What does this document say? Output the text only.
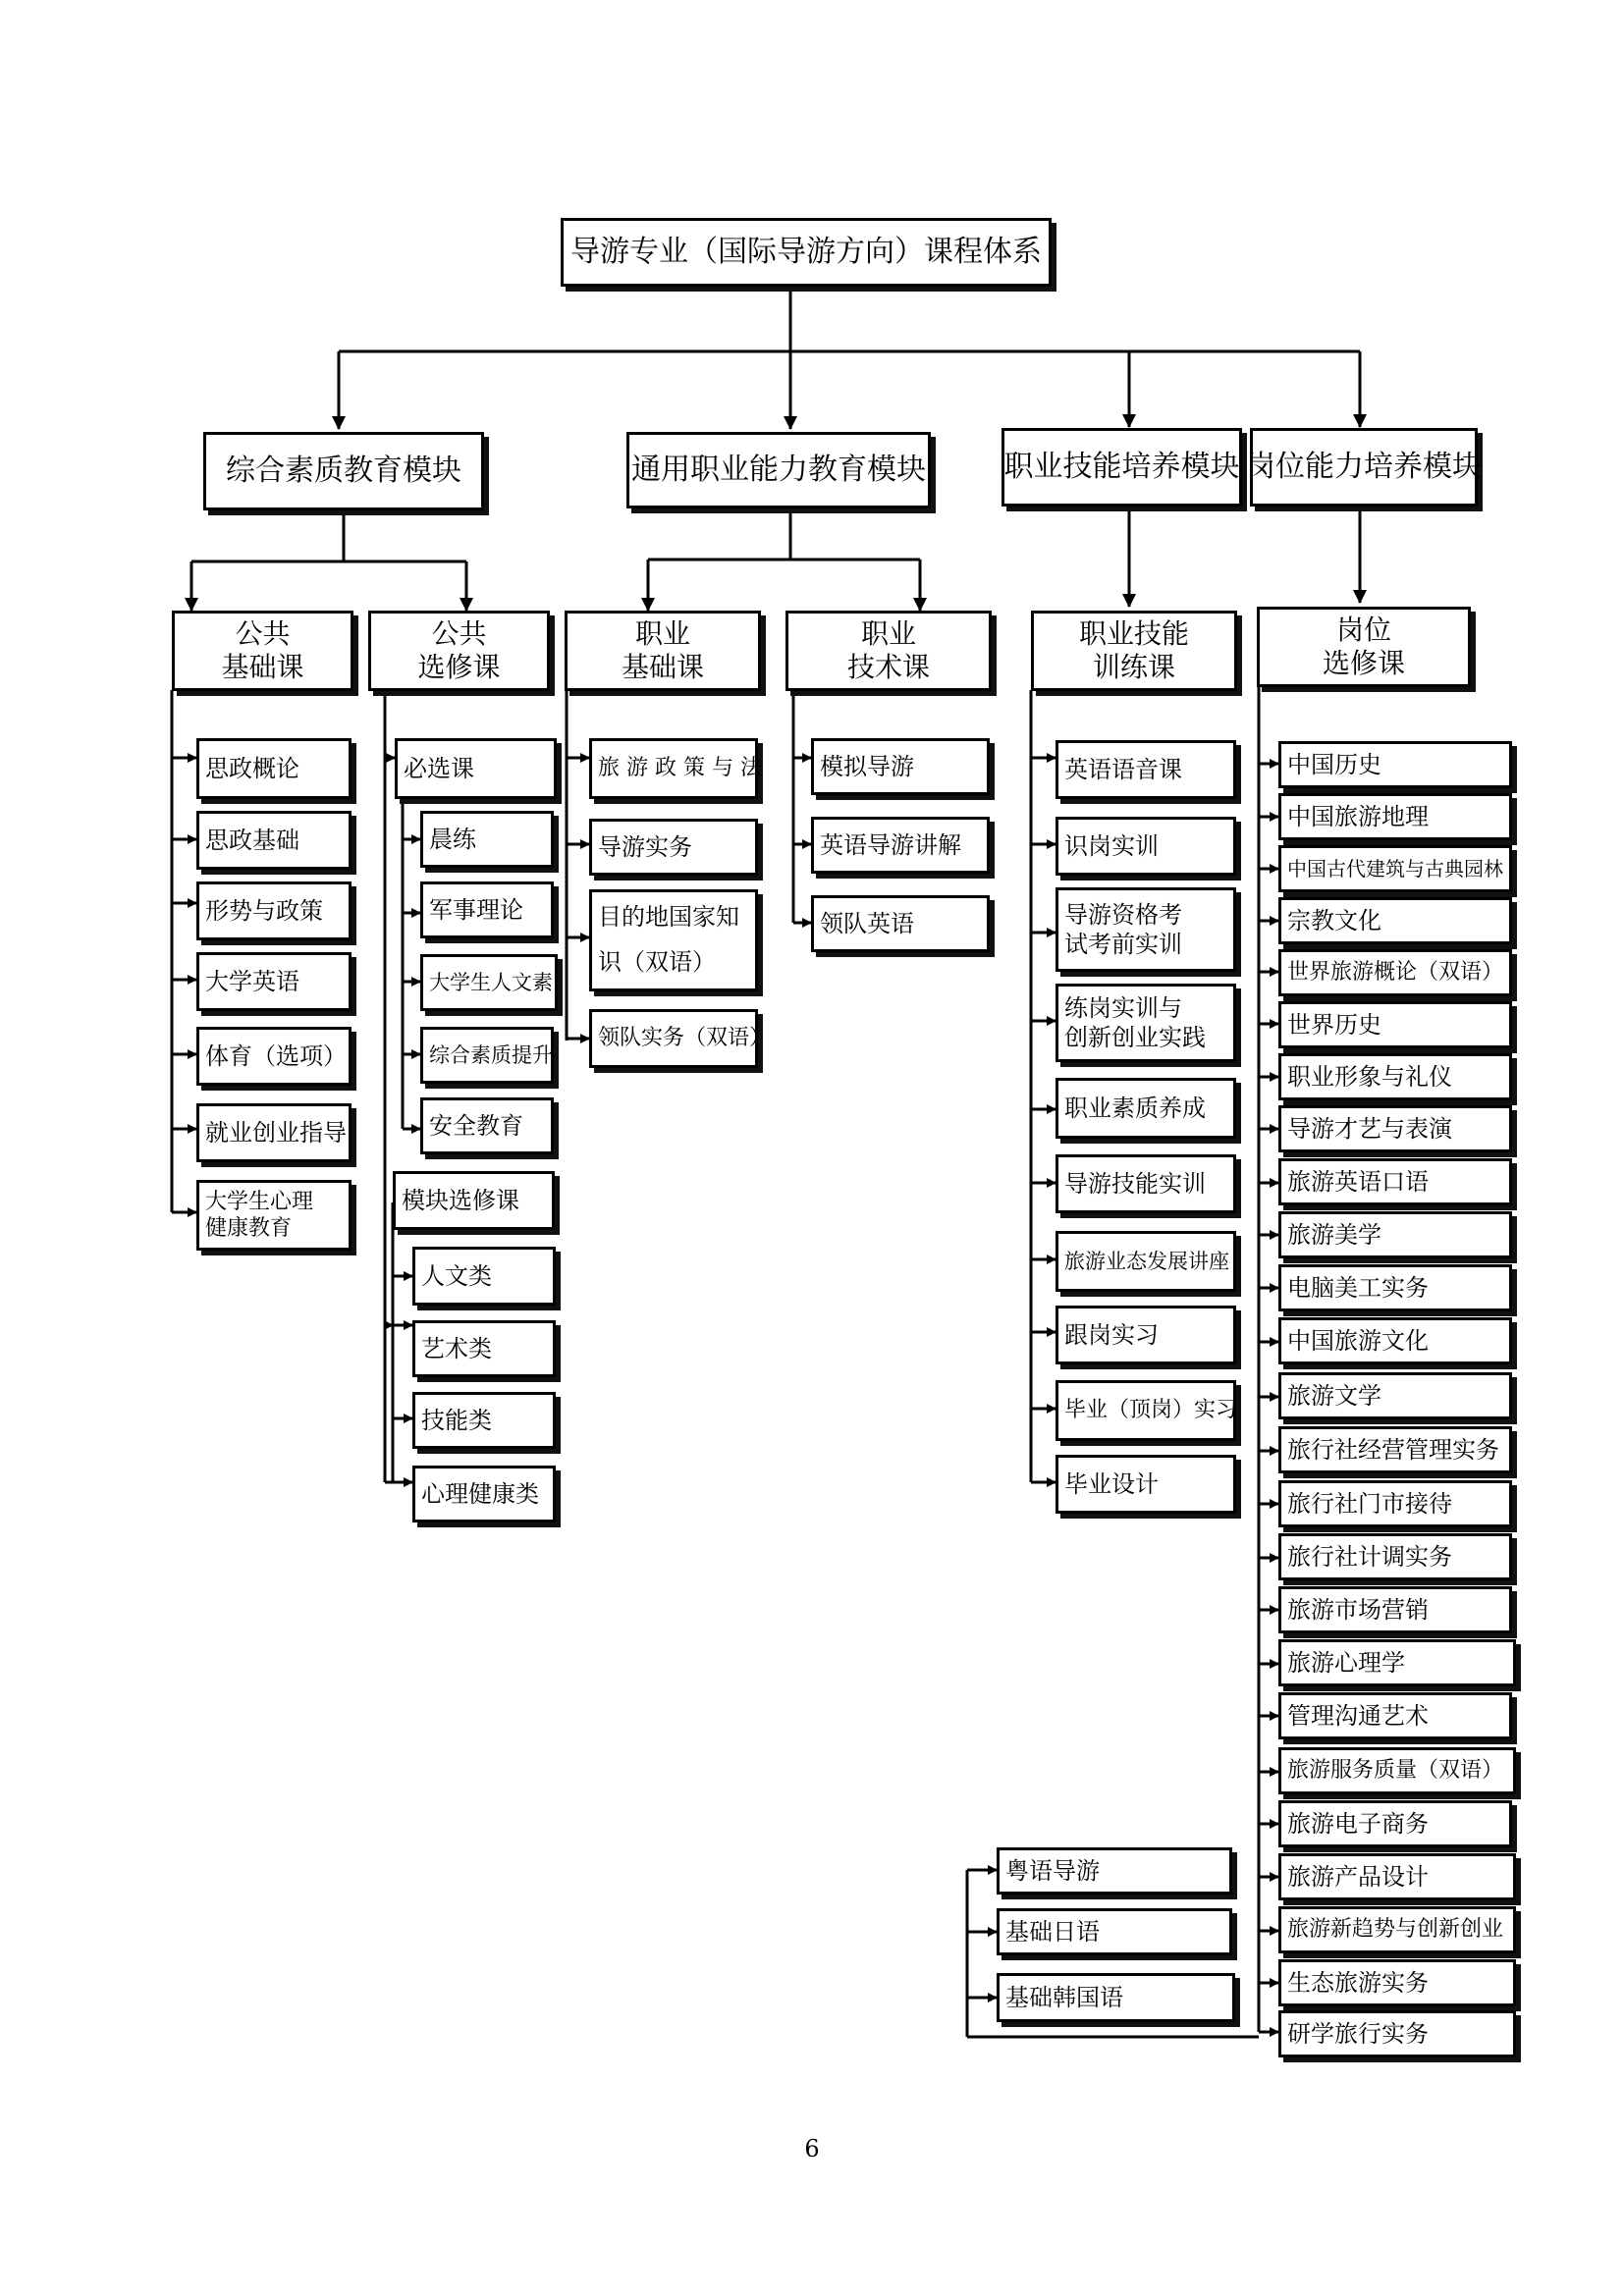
导游专业（国际导游方向）课程体系
综合素质教育模块	通用职业能力教育模块	职业技能培养模块 岗位能力培养模块
公共
基础课
公共
选修课
职业
基础课
职业
技术课
职业技能
训练课
岗位
选修课
思政概论
思政基础
形势与政策
大学英语
体育（选项）
就业创业指导
大学生心理
健康教育
必选课
晨练
军事理论
大学生人文素
综合素质提升
安全教育
模块选修课
人文类
艺术类
技能类
心理健康类
旅 游 政 策 与 法
导游实务
目的地国家知
识（双语）
领队实务（双语）
模拟导游
英语导游讲解
领队英语
英语语音课
识岗实训
导游资格考
试考前实训
练岗实训与
创新创业实践
职业素质养成
导游技能实训
旅游业态发展讲座
跟岗实习
毕业（顶岗）实习
毕业设计
中国历史
中国旅游地理
中国古代建筑与古典园林
宗教文化
世界旅游概论（双语）
世界历史
职业形象与礼仪
导游才艺与表演
旅游英语口语
旅游美学
电脑美工实务
中国旅游文化
旅游文学
旅行社经营管理实务
旅行社门市接待
旅行社计调实务
旅游市场营销
旅游心理学
管理沟通艺术
旅游服务质量（双语）
旅游电子商务
旅游产品设计
旅游新趋势与创新创业
生态旅游实务
研学旅行实务
粤语导游
基础日语
基础韩国语
6
